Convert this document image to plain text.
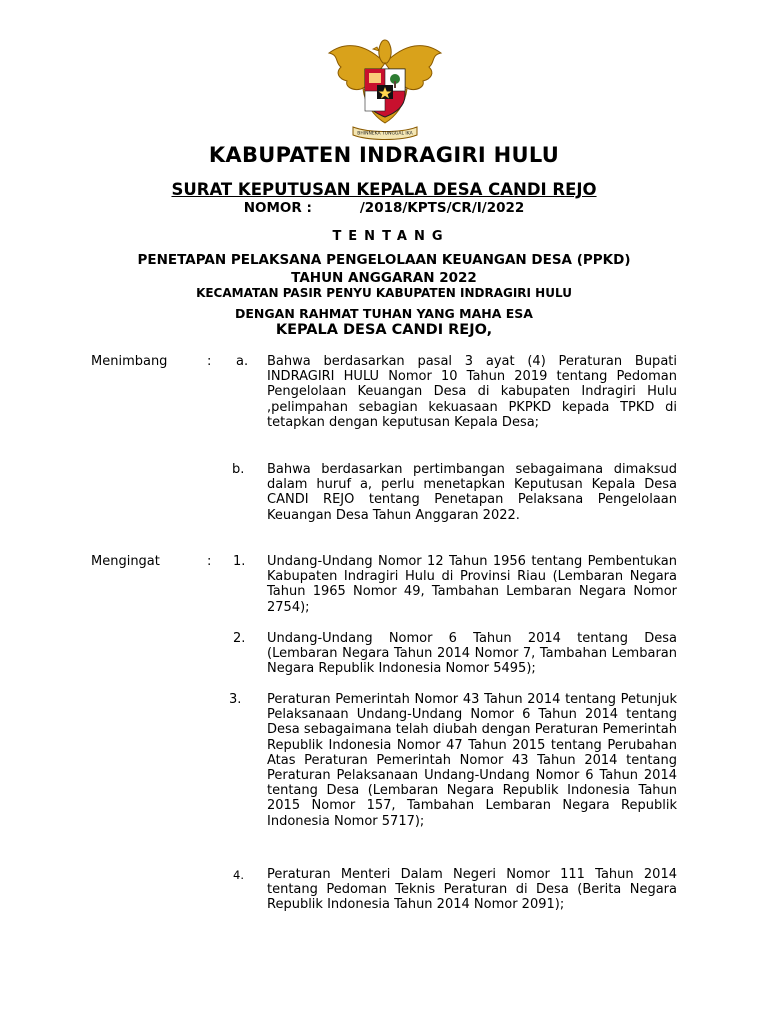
BHINNEKA TUNGGAL IKA
KABUPATEN INDRAGIRI HULU
SURAT KEPUTUSAN KEPALA DESA CANDI REJO
NOMOR :	/2018/KPTS/CR/I/2022
TENTANG
PENETAPAN PELAKSANA PENGELOLAAN KEUANGAN DESA (PPKD)
TAHUN ANGGARAN 2022
KECAMATAN PASIR PENYU KABUPATEN INDRAGIRI HULU
DENGAN RAHMAT TUHAN YANG MAHA ESA
KEPALA DESA CANDI REJO,
Menimbang	: a. Bahwa berdasarkan pasal 3 ayat (4) Peraturan Bupati INDRAGIRI HULU Nomor 10 Tahun 2019 tentang Pedoman Pengelolaan Keuangan Desa di kabupaten Indragiri Hulu ,pelimpahan sebagian kekuasaan PKPKD kepada TPKD di tetapkan dengan keputusan Kepala Desa;
b. Bahwa berdasarkan pertimbangan sebagaimana dimaksud dalam huruf a, perlu menetapkan Keputusan Kepala Desa CANDI REJO tentang Penetapan Pelaksana Pengelolaan Keuangan Desa Tahun Anggaran 2022.
Mengingat	: 1. Undang-Undang Nomor 12 Tahun 1956 tentang Pembentukan Kabupaten Indragiri Hulu di Provinsi Riau (Lembaran Negara Tahun 1965 Nomor 49, Tambahan Lembaran Negara Nomor 2754);
2. Undang-Undang Nomor 6 Tahun 2014 tentang Desa (Lembaran Negara Tahun 2014 Nomor 7, Tambahan Lembaran Negara Republik Indonesia Nomor 5495);
3. Peraturan Pemerintah Nomor 43 Tahun 2014 tentang Petunjuk Pelaksanaan Undang-Undang Nomor 6 Tahun 2014 tentang Desa sebagaimana telah diubah dengan Peraturan Pemerintah Republik Indonesia Nomor 47 Tahun 2015 tentang Perubahan Atas Peraturan Pemerintah Nomor 43 Tahun 2014 tentang Peraturan Pelaksanaan Undang-Undang Nomor 6 Tahun 2014 tentang Desa (Lembaran Negara Republik Indonesia Tahun 2015 Nomor 157, Tambahan Lembaran Negara Republik Indonesia Nomor 5717);
4. Peraturan Menteri Dalam Negeri Nomor 111 Tahun 2014 tentang Pedoman Teknis Peraturan di Desa (Berita Negara Republik Indonesia Tahun 2014 Nomor 2091);
